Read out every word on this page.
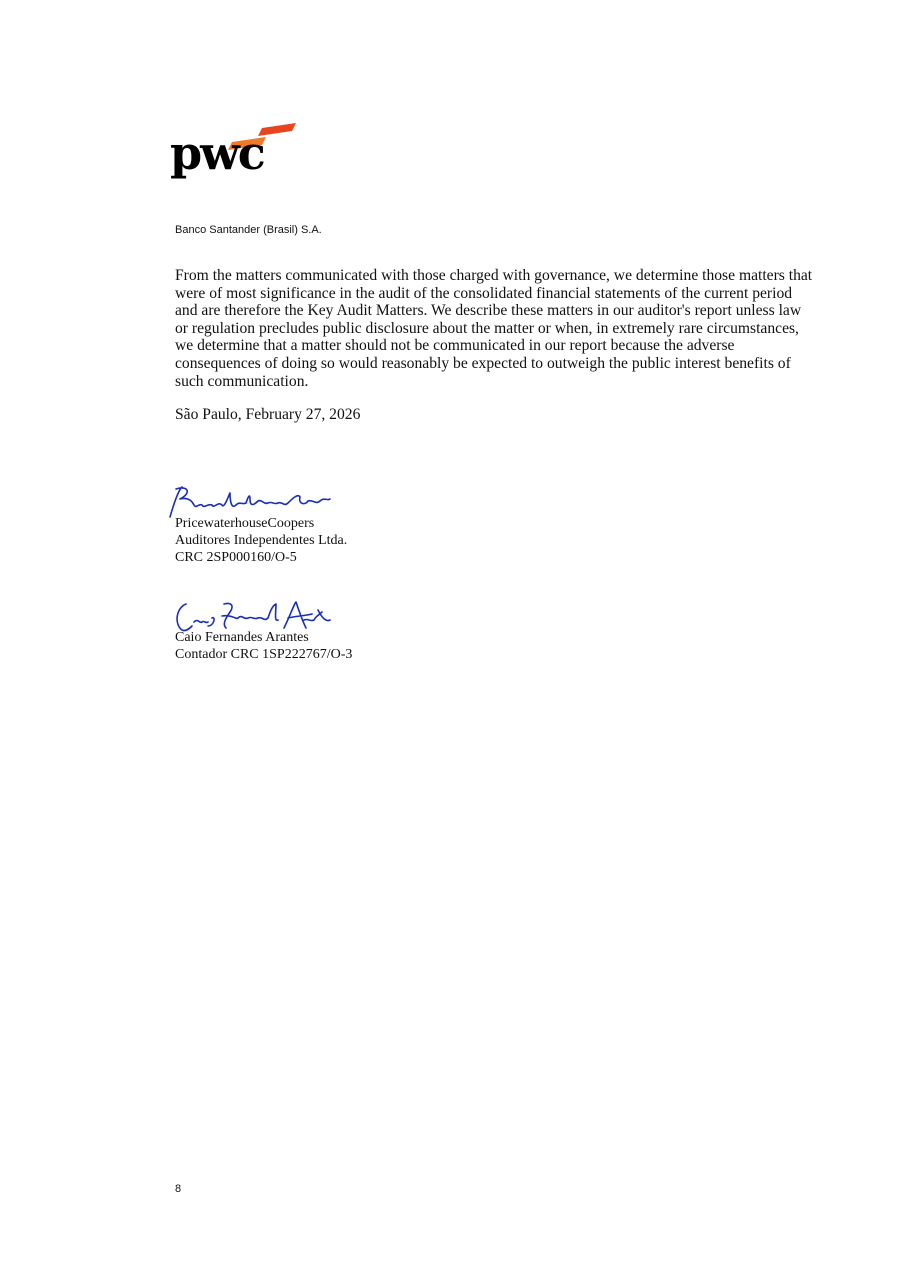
pwc
Banco Santander (Brasil) S.A.

From the matters communicated with those charged with governance, we determine those matters that were of most significance in the audit of the consolidated financial statements of the current period and are therefore the Key Audit Matters. We describe these matters in our auditor's report unless law or regulation precludes public disclosure about the matter or when, in extremely rare circumstances, we determine that a matter should not be communicated in our report because the adverse consequences of doing so would reasonably be expected to outweigh the public interest benefits of such communication.

São Paulo, February 27, 2026
PricewaterhouseCoopers
Auditores Independentes Ltda.
CRC 2SP000160/O-5
Caio Fernandes Arantes
Contador CRC 1SP222767/O-3
8
